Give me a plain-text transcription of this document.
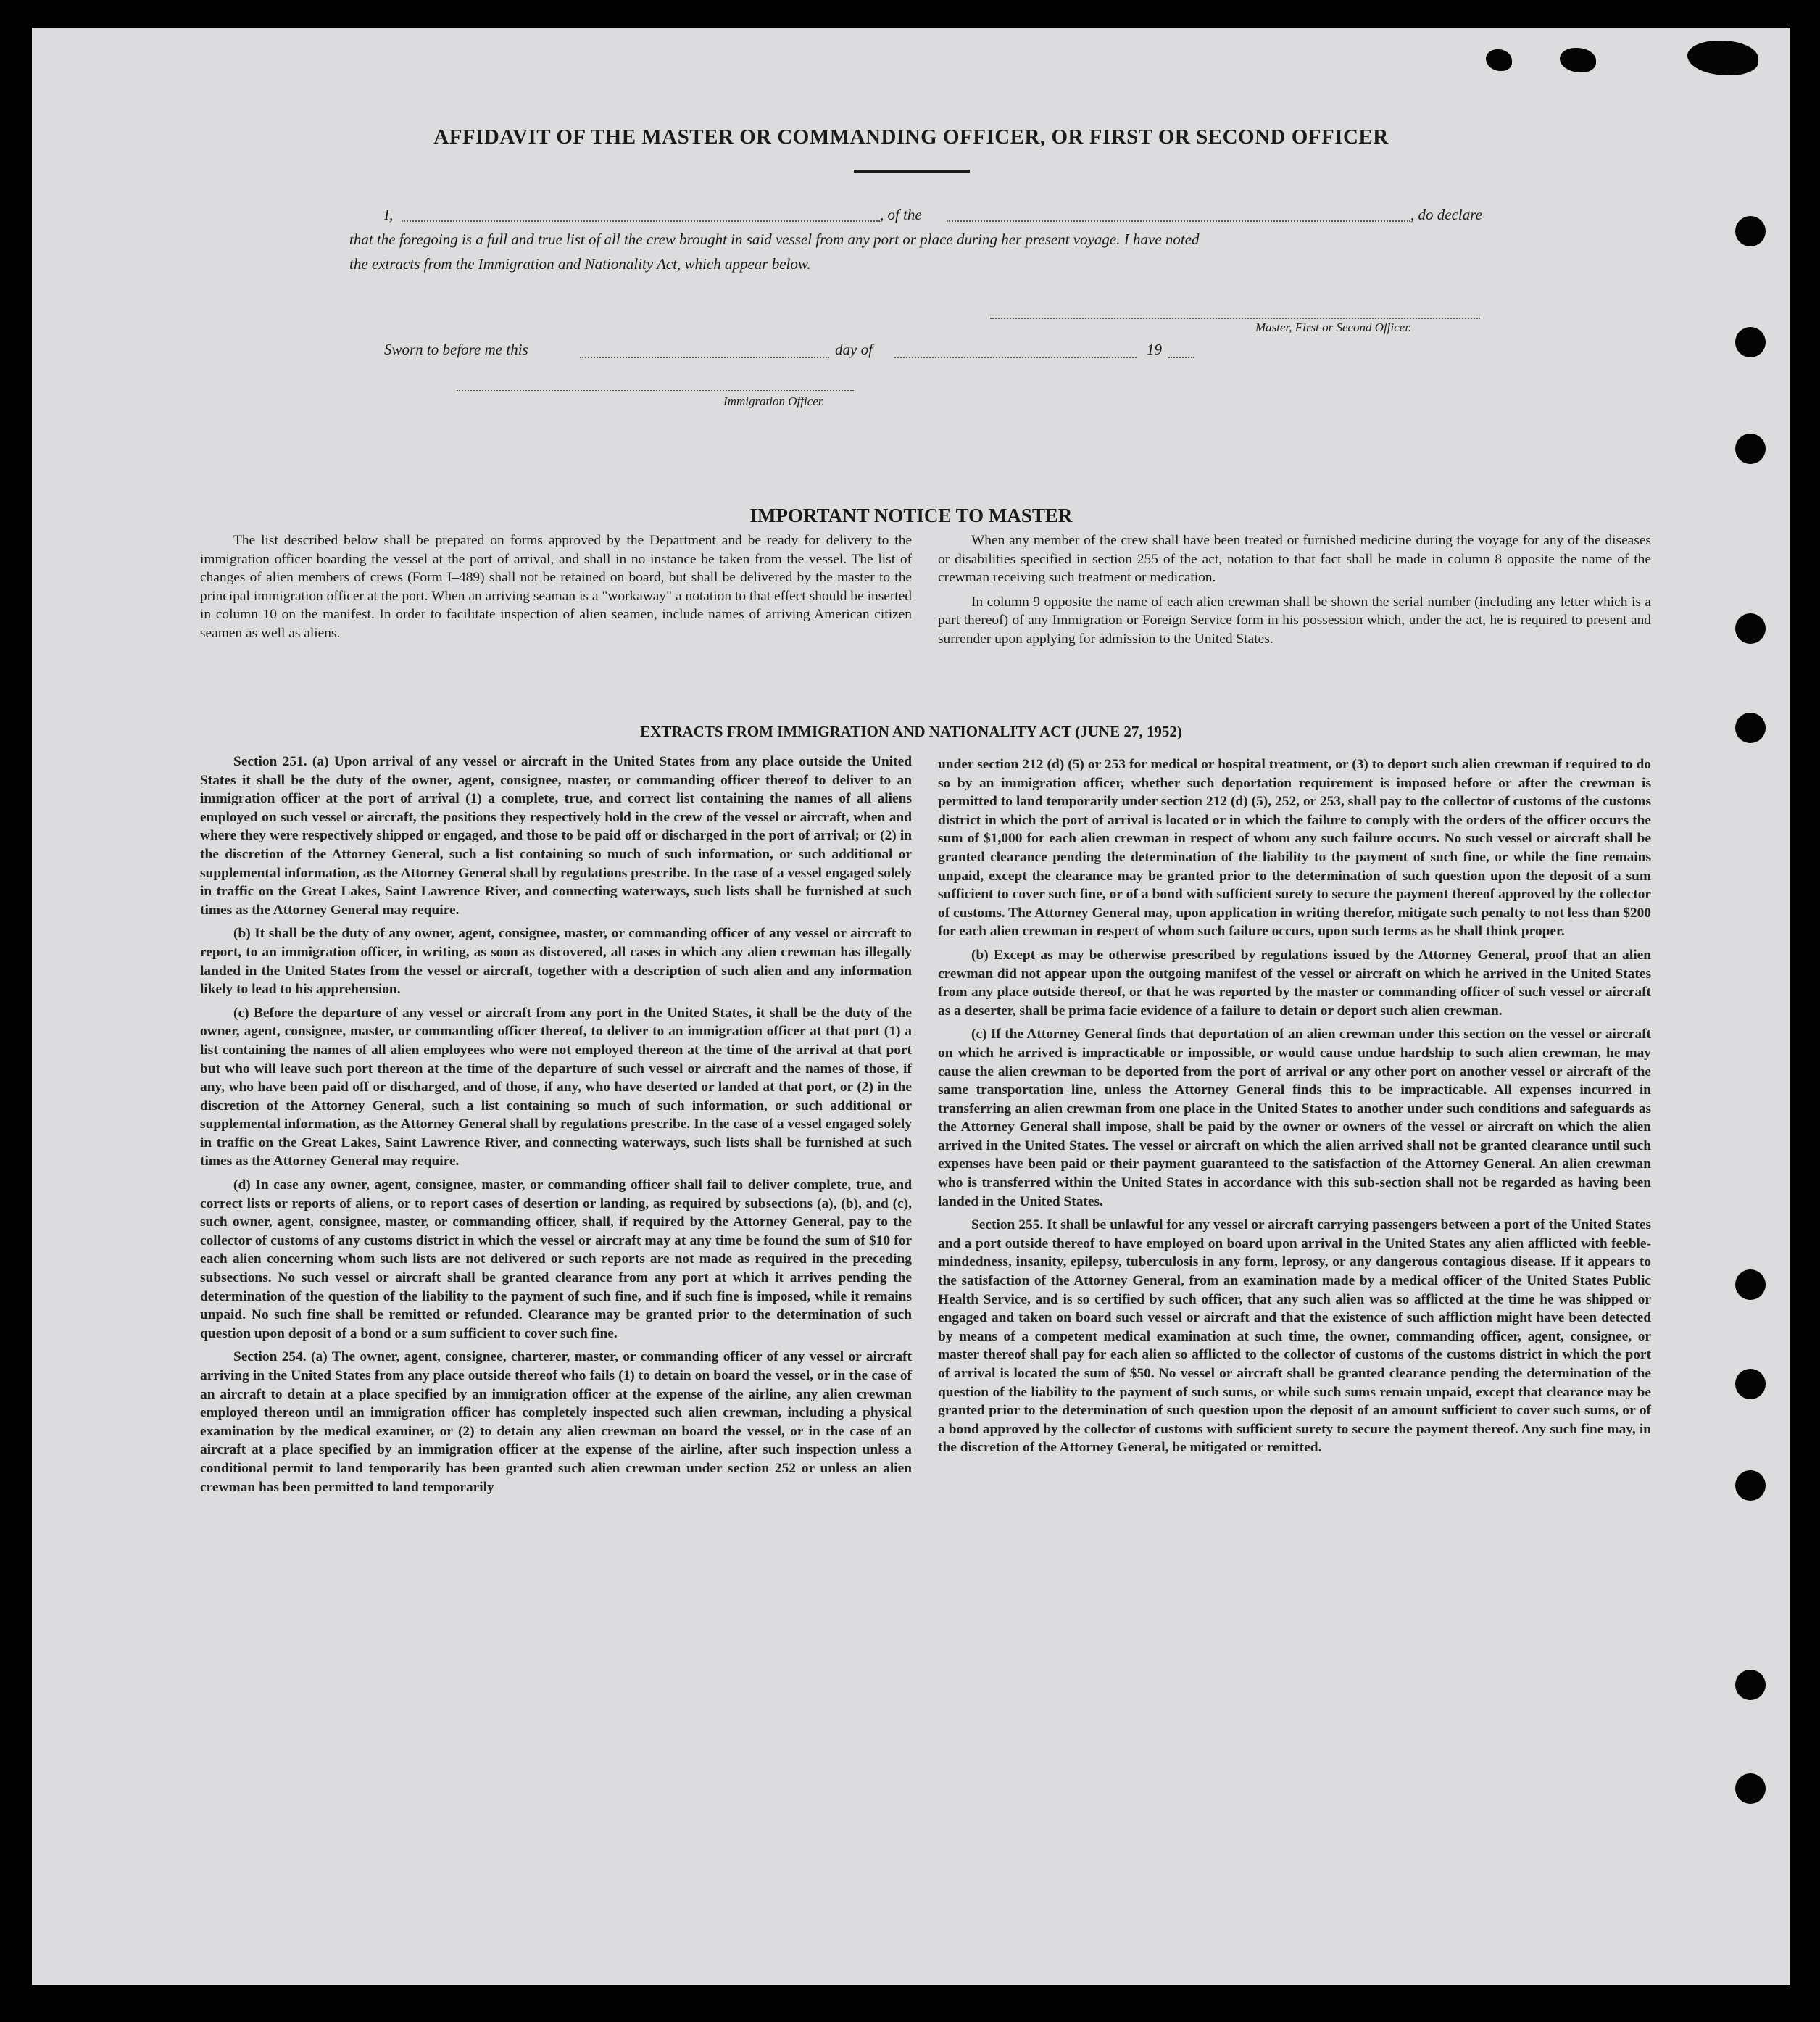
AFFIDAVIT OF THE MASTER OR COMMANDING OFFICER, OR FIRST OR SECOND OFFICER
I,	, of the	, do declare
that the foregoing is a full and true list of all the crew brought in said vessel from any port or place during her present voyage. I have noted
the extracts from the Immigration and Nationality Act, which appear below.
Master, First or Second Officer.
Sworn to before me this	day of	19
Immigration Officer.
IMPORTANT NOTICE TO MASTER

The list described below shall be prepared on forms approved by the Department and be ready for delivery to the immigration officer boarding the vessel at the port of arrival, and shall in no instance be taken from the vessel. The list of changes of alien members of crews (Form I–489) shall not be retained on board, but shall be delivered by the master to the principal immigration officer at the port. When an arriving seaman is a "workaway" a notation to that effect should be inserted in column 10 on the manifest. In order to facilitate inspection of alien seamen, include names of arriving American citizen seamen as well as aliens.

When any member of the crew shall have been treated or furnished medicine during the voyage for any of the diseases or disabilities specified in section 255 of the act, notation to that fact shall be made in column 8 opposite the name of the crewman receiving such treatment or medication.

In column 9 opposite the name of each alien crewman shall be shown the serial number (including any letter which is a part thereof) of any Immigration or Foreign Service form in his possession which, under the act, he is required to present and surrender upon applying for admission to the United States.

EXTRACTS FROM IMMIGRATION AND NATIONALITY ACT (JUNE 27, 1952)

Section 251. (a) Upon arrival of any vessel or aircraft in the United States from any place outside the United States it shall be the duty of the owner, agent, consignee, master, or commanding officer thereof to deliver to an immigration officer at the port of arrival (1) a complete, true, and correct list containing the names of all aliens employed on such vessel or aircraft, the positions they respectively hold in the crew of the vessel or aircraft, when and where they were respectively shipped or engaged, and those to be paid off or discharged in the port of arrival; or (2) in the discretion of the Attorney General, such a list containing so much of such information, or such additional or supplemental information, as the Attorney General shall by regulations prescribe. In the case of a vessel engaged solely in traffic on the Great Lakes, Saint Lawrence River, and connecting waterways, such lists shall be furnished at such times as the Attorney General may require.

(b) It shall be the duty of any owner, agent, consignee, master, or commanding officer of any vessel or aircraft to report, to an immigration officer, in writing, as soon as discovered, all cases in which any alien crewman has illegally landed in the United States from the vessel or aircraft, together with a description of such alien and any information likely to lead to his apprehension.

(c) Before the departure of any vessel or aircraft from any port in the United States, it shall be the duty of the owner, agent, consignee, master, or commanding officer thereof, to deliver to an immigration officer at that port (1) a list containing the names of all alien employees who were not employed thereon at the time of the arrival at that port but who will leave such port thereon at the time of the departure of such vessel or aircraft and the names of those, if any, who have been paid off or discharged, and of those, if any, who have deserted or landed at that port, or (2) in the discretion of the Attorney General, such a list containing so much of such information, or such additional or supplemental information, as the Attorney General shall by regulations prescribe. In the case of a vessel engaged solely in traffic on the Great Lakes, Saint Lawrence River, and connecting waterways, such lists shall be furnished at such times as the Attorney General may require.

(d) In case any owner, agent, consignee, master, or commanding officer shall fail to deliver complete, true, and correct lists or reports of aliens, or to report cases of desertion or landing, as required by subsections (a), (b), and (c), such owner, agent, consignee, master, or commanding officer, shall, if required by the Attorney General, pay to the collector of customs of any customs district in which the vessel or aircraft may at any time be found the sum of $10 for each alien concerning whom such lists are not delivered or such reports are not made as required in the preceding subsections. No such vessel or aircraft shall be granted clearance from any port at which it arrives pending the determination of the question of the liability to the payment of such fine, and if such fine is imposed, while it remains unpaid. No such fine shall be remitted or refunded. Clearance may be granted prior to the determination of such question upon deposit of a bond or a sum sufficient to cover such fine.

Section 254. (a) The owner, agent, consignee, charterer, master, or commanding officer of any vessel or aircraft arriving in the United States from any place outside thereof who fails (1) to detain on board the vessel, or in the case of an aircraft to detain at a place specified by an immigration officer at the expense of the airline, any alien crewman employed thereon until an immigration officer has completely inspected such alien crewman, including a physical examination by the medical examiner, or (2) to detain any alien crewman on board the vessel, or in the case of an aircraft at a place specified by an immigration officer at the expense of the airline, after such inspection unless a conditional permit to land temporarily has been granted such alien crewman under section 252 or unless an alien crewman has been permitted to land temporarily

under section 212 (d) (5) or 253 for medical or hospital treatment, or (3) to deport such alien crewman if required to do so by an immigration officer, whether such deportation requirement is imposed before or after the crewman is permitted to land temporarily under section 212 (d) (5), 252, or 253, shall pay to the collector of customs of the customs district in which the port of arrival is located or in which the failure to comply with the orders of the officer occurs the sum of $1,000 for each alien crewman in respect of whom any such failure occurs. No such vessel or aircraft shall be granted clearance pending the determination of the liability to the payment of such fine, or while the fine remains unpaid, except the clearance may be granted prior to the determination of such question upon the deposit of a sum sufficient to cover such fine, or of a bond with sufficient surety to secure the payment thereof approved by the collector of customs. The Attorney General may, upon application in writing therefor, mitigate such penalty to not less than $200 for each alien crewman in respect of whom such failure occurs, upon such terms as he shall think proper.

(b) Except as may be otherwise prescribed by regulations issued by the Attorney General, proof that an alien crewman did not appear upon the outgoing manifest of the vessel or aircraft on which he arrived in the United States from any place outside thereof, or that he was reported by the master or commanding officer of such vessel or aircraft as a deserter, shall be prima facie evidence of a failure to detain or deport such alien crewman.

(c) If the Attorney General finds that deportation of an alien crewman under this section on the vessel or aircraft on which he arrived is impracticable or impossible, or would cause undue hardship to such alien crewman, he may cause the alien crewman to be deported from the port of arrival or any other port on another vessel or aircraft of the same transportation line, unless the Attorney General finds this to be impracticable. All expenses incurred in transferring an alien crewman from one place in the United States to another under such conditions and safeguards as the Attorney General shall impose, shall be paid by the owner or owners of the vessel or aircraft on which the alien arrived in the United States. The vessel or aircraft on which the alien arrived shall not be granted clearance until such expenses have been paid or their payment guaranteed to the satisfaction of the Attorney General. An alien crewman who is transferred within the United States in accordance with this sub-section shall not be regarded as having been landed in the United States.

Section 255. It shall be unlawful for any vessel or aircraft carrying passengers between a port of the United States and a port outside thereof to have employed on board upon arrival in the United States any alien afflicted with feeble-mindedness, insanity, epilepsy, tuberculosis in any form, leprosy, or any dangerous contagious disease. If it appears to the satisfaction of the Attorney General, from an examination made by a medical officer of the United States Public Health Service, and is so certified by such officer, that any such alien was so afflicted at the time he was shipped or engaged and taken on board such vessel or aircraft and that the existence of such affliction might have been detected by means of a competent medical examination at such time, the owner, commanding officer, agent, consignee, or master thereof shall pay for each alien so afflicted to the collector of customs of the customs district in which the port of arrival is located the sum of $50. No vessel or aircraft shall be granted clearance pending the determination of the question of the liability to the payment of such sums, or while such sums remain unpaid, except that clearance may be granted prior to the determination of such question upon the deposit of an amount sufficient to cover such sums, or of a bond approved by the collector of customs with sufficient surety to secure the payment thereof. Any such fine may, in the discretion of the Attorney General, be mitigated or remitted.
